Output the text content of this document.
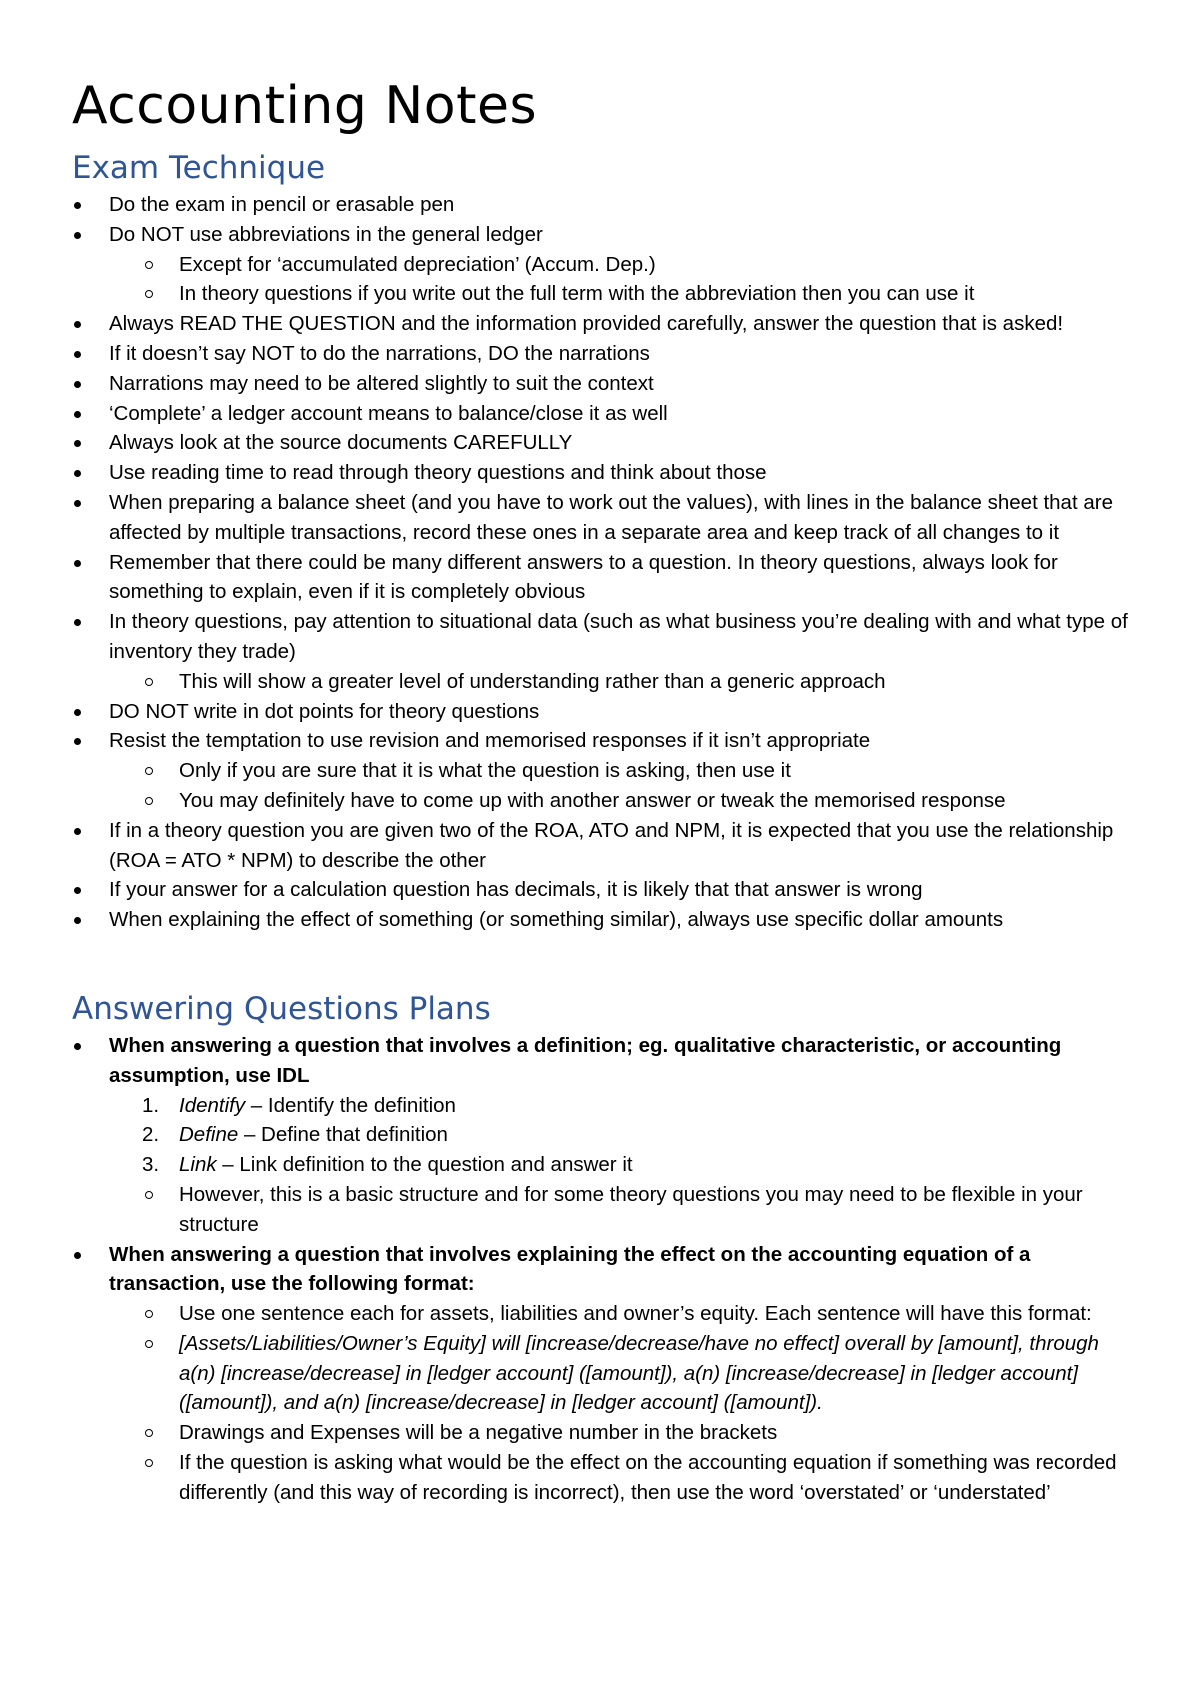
Accounting Notes
Exam Technique
Do the exam in pencil or erasable pen
Do NOT use abbreviations in the general ledger
Except for ‘accumulated depreciation’ (Accum. Dep.)
In theory questions if you write out the full term with the abbreviation then you can use it
Always READ THE QUESTION and the information provided carefully, answer the question that is asked!
If it doesn’t say NOT to do the narrations, DO the narrations
Narrations may need to be altered slightly to suit the context
‘Complete’ a ledger account means to balance/close it as well
Always look at the source documents CAREFULLY
Use reading time to read through theory questions and think about those
When preparing a balance sheet (and you have to work out the values), with lines in the balance sheet that are affected by multiple transactions, record these ones in a separate area and keep track of all changes to it
Remember that there could be many different answers to a question. In theory questions, always look for something to explain, even if it is completely obvious
In theory questions, pay attention to situational data (such as what business you’re dealing with and what type of inventory they trade)
This will show a greater level of understanding rather than a generic approach
DO NOT write in dot points for theory questions
Resist the temptation to use revision and memorised responses if it isn’t appropriate
Only if you are sure that it is what the question is asking, then use it
You may definitely have to come up with another answer or tweak the memorised response
If in a theory question you are given two of the ROA, ATO and NPM, it is expected that you use the relationship (ROA = ATO * NPM) to describe the other
If your answer for a calculation question has decimals, it is likely that that answer is wrong
When explaining the effect of something (or something similar), always use specific dollar amounts
Answering Questions Plans
When answering a question that involves a definition; eg. qualitative characteristic, or accounting assumption, use IDL
1. Identify – Identify the definition
2. Define – Define that definition
3. Link – Link definition to the question and answer it
However, this is a basic structure and for some theory questions you may need to be flexible in your structure
When answering a question that involves explaining the effect on the accounting equation of a transaction, use the following format:
Use one sentence each for assets, liabilities and owner’s equity. Each sentence will have this format:
[Assets/Liabilities/Owner’s Equity] will [increase/decrease/have no effect] overall by [amount], through a(n) [increase/decrease] in [ledger account] ([amount]), a(n) [increase/decrease] in [ledger account] ([amount]), and a(n) [increase/decrease] in [ledger account] ([amount]).
Drawings and Expenses will be a negative number in the brackets
If the question is asking what would be the effect on the accounting equation if something was recorded differently (and this way of recording is incorrect), then use the word ‘overstated’ or ‘understated’
